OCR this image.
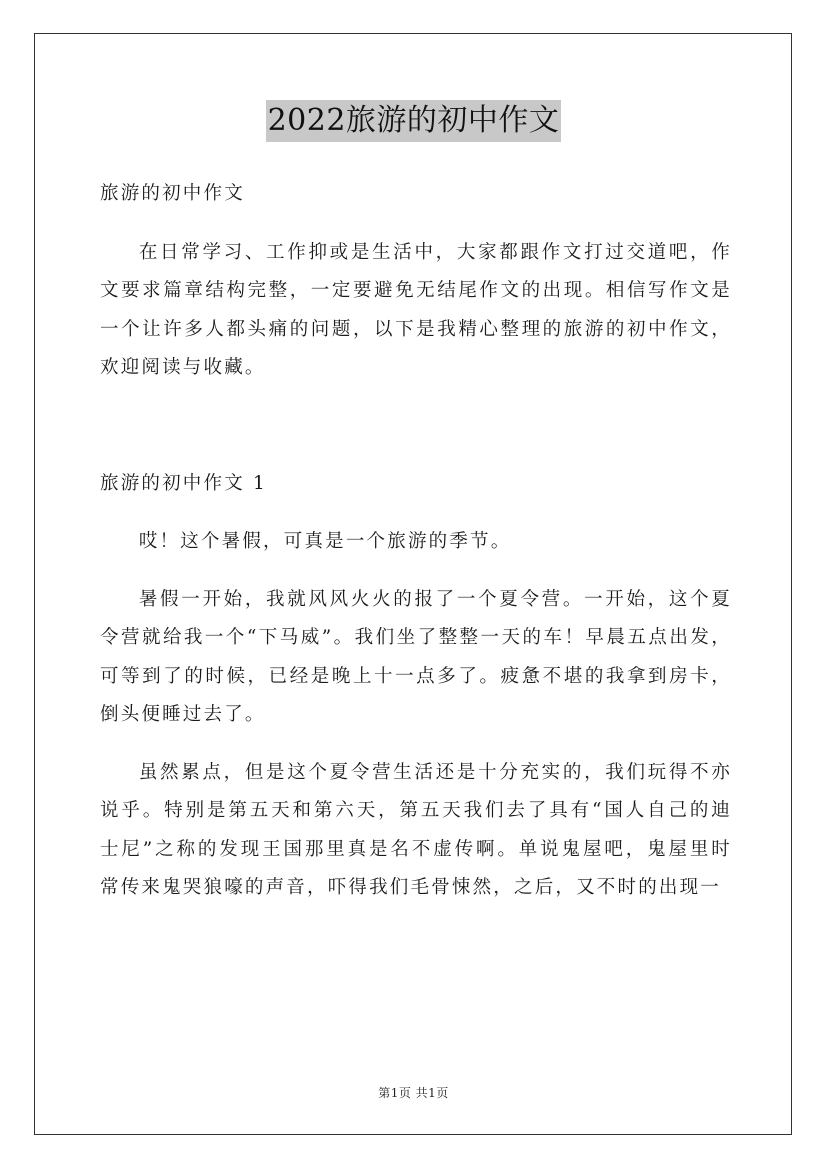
2022旅游的初中作文

旅游的初中作文

在日常学习、工作抑或是生活中，大家都跟作文打过交道吧，作文要求篇章结构完整，一定要避免无结尾作文的出现。相信写作文是一个让许多人都头痛的问题，以下是我精心整理的旅游的初中作文，欢迎阅读与收藏。

旅游的初中作文 1

哎！这个暑假，可真是一个旅游的季节。

暑假一开始，我就风风火火的报了一个夏令营。一开始，这个夏令营就给我一个“下马威”。我们坐了整整一天的车！早晨五点出发，可等到了的时候，已经是晚上十一点多了。疲惫不堪的我拿到房卡，倒头便睡过去了。

虽然累点，但是这个夏令营生活还是十分充实的，我们玩得不亦说乎。特别是第五天和第六天，第五天我们去了具有“国人自己的迪士尼”之称的发现王国那里真是名不虚传啊。单说鬼屋吧，鬼屋里时常传来鬼哭狼嚎的声音，吓得我们毛骨悚然，之后，又不时的出现一

第1页 共1页
